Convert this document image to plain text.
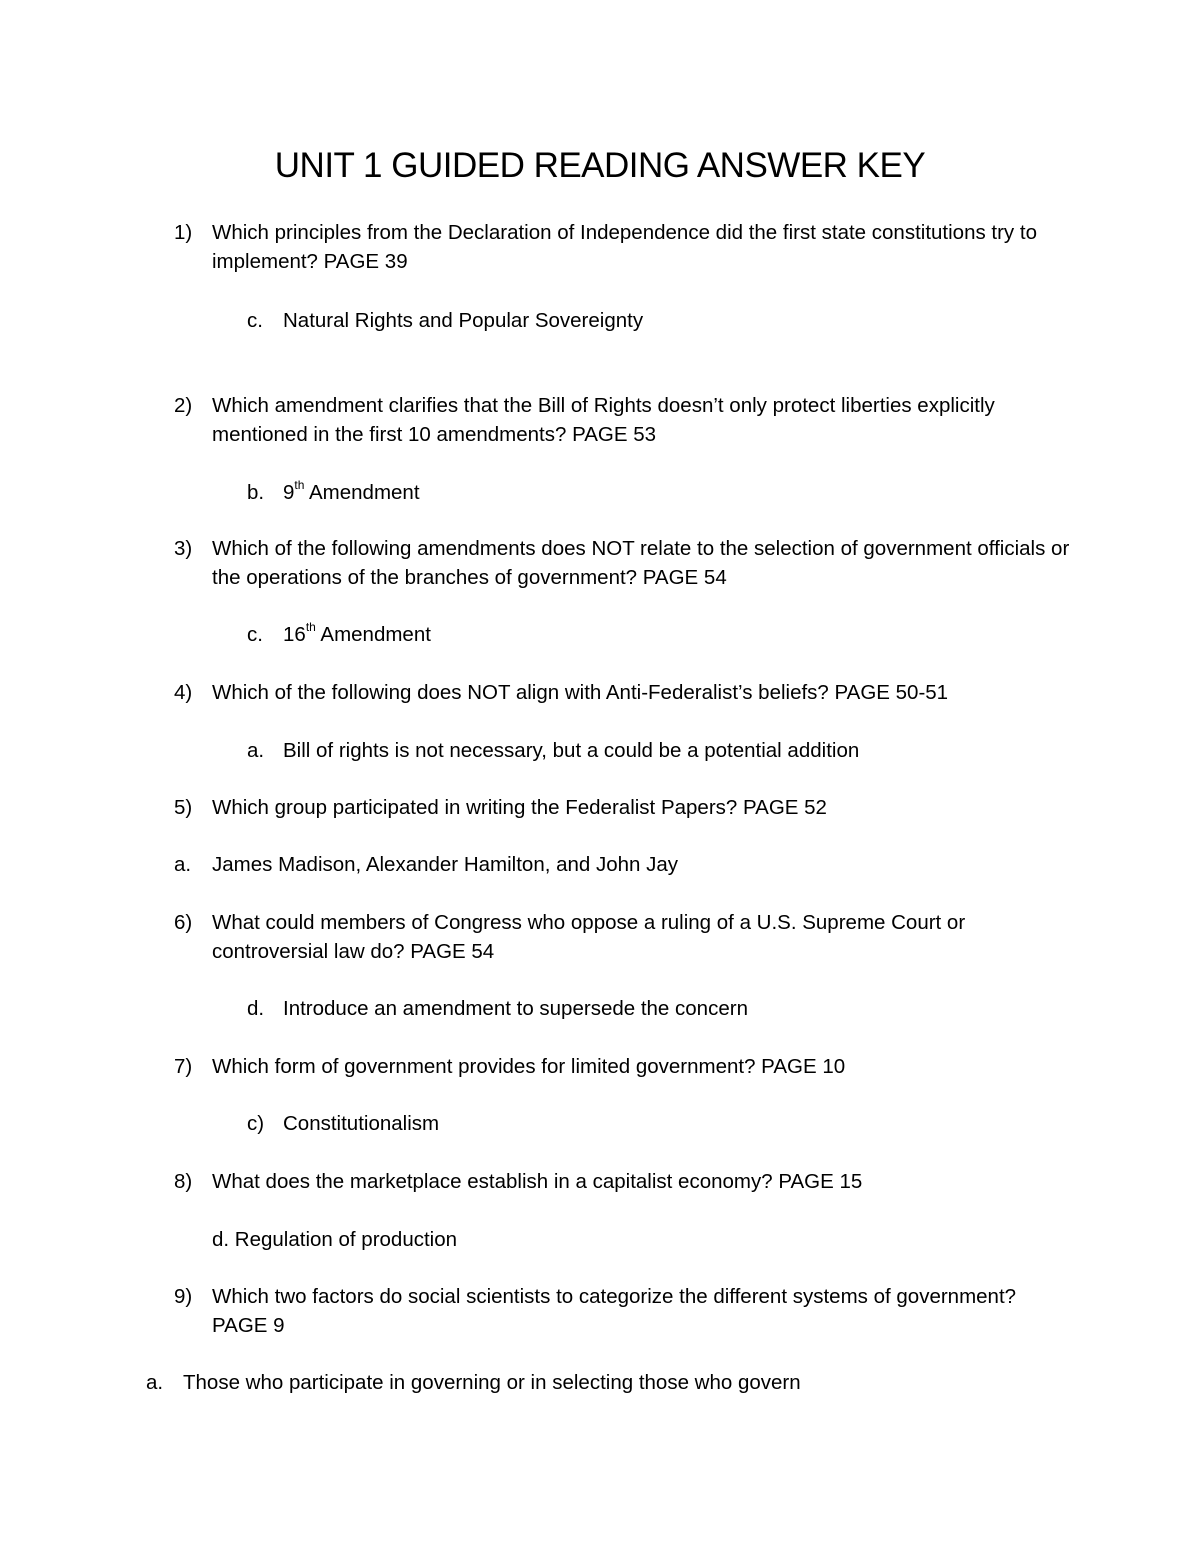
UNIT 1 GUIDED READING ANSWER KEY
1) Which principles from the Declaration of Independence did the first state constitutions try to implement? PAGE 39
c. Natural Rights and Popular Sovereignty
2) Which amendment clarifies that the Bill of Rights doesn’t only protect liberties explicitly mentioned in the first 10 amendments? PAGE 53
b. 9th Amendment
3) Which of the following amendments does NOT relate to the selection of government officials or the operations of the branches of government? PAGE 54
c. 16th Amendment
4) Which of the following does NOT align with Anti-Federalist’s beliefs? PAGE 50-51
a. Bill of rights is not necessary, but a could be a potential addition
5) Which group participated in writing the Federalist Papers? PAGE 52
a. James Madison, Alexander Hamilton, and John Jay
6) What could members of Congress who oppose a ruling of a U.S. Supreme Court or controversial law do? PAGE 54
d. Introduce an amendment to supersede the concern
7) Which form of government provides for limited government? PAGE 10
c) Constitutionalism
8) What does the marketplace establish in a capitalist economy? PAGE 15
d. Regulation of production
9) Which two factors do social scientists to categorize the different systems of government? PAGE 9
a. Those who participate in governing or in selecting those who govern
